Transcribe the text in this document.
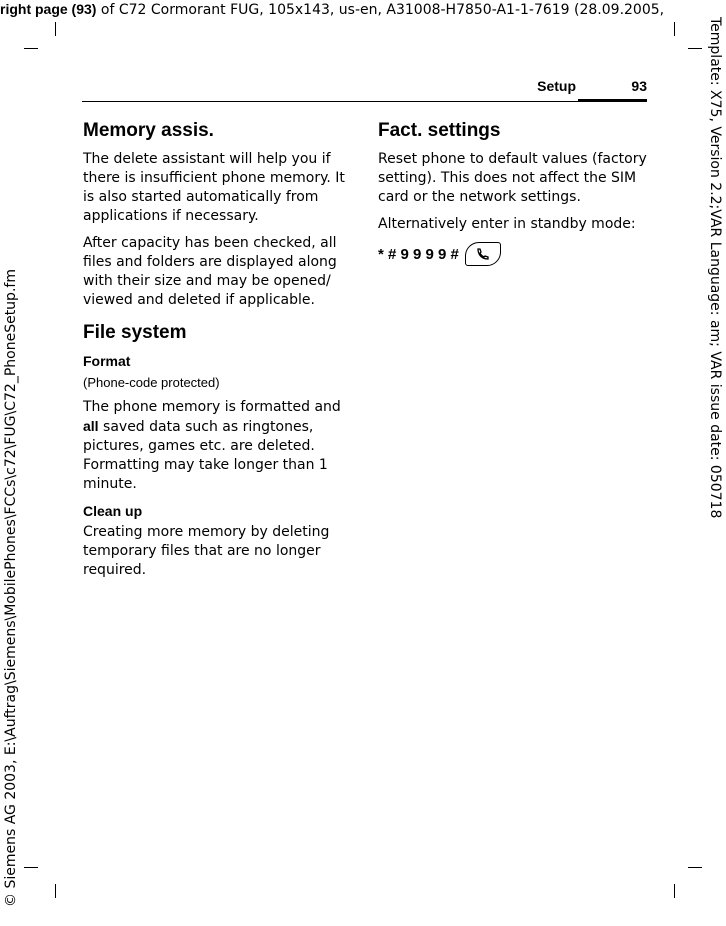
right page (93) of C72 Cormorant FUG, 105x143, us-en, A31008-H7850-A1-1-7619 (28.09.2005,
© Siemens AG 2003, E:\Auftrag\Siemens\MobilePhones\FCCs\c72\FUG\C72_PhoneSetup.fm
Template: X75, Version 2.2;VAR Language: am; VAR issue date: 050718
Setup	93
Memory assis.

The delete assistant will help you if there is insufficient phone memory. It is also started automatically from applications if necessary.

After capacity has been checked, all files and folders are displayed along with their size and may be opened/ viewed and deleted if applicable.

File system
Format

(Phone-code protected)

The phone memory is formatted and all saved data such as ringtones, pictures, games etc. are deleted. Formatting may take longer than 1 minute.

Clean up

Creating more memory by deleting temporary files that are no longer required.

Fact. settings

Reset phone to default values (factory setting). This does not affect the SIM card or the network settings.

Alternatively enter in standby mode:

* # 9 9 9 9 #
